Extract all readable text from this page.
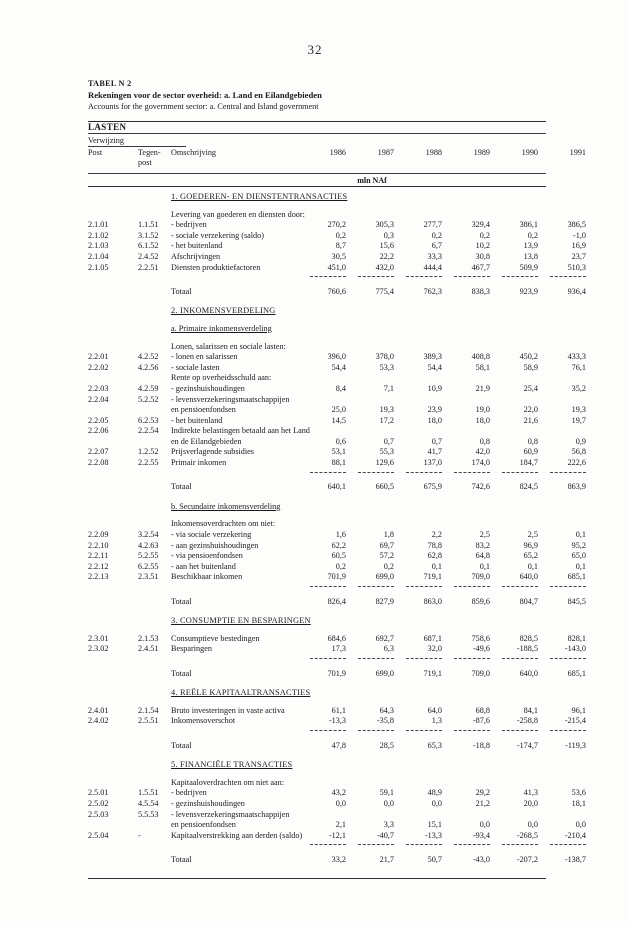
32
TABEL N 2
Rekeningen voor de sector overheid: a. Land en Eilandgebieden
Accounts for the government sector: a. Central and Island government
LASTEN
Verwijzing
Post	Tegen-
post
Omschrijving	1986	1987	1988	1989	1990	1991
mln NAf

		1. GOEDEREN- EN DIENSTENTRANSACTIES											

		Levering van goederen en diensten door:											
2.1.01	1.1.51	- bedrijven	270,2		305,3		277,7		329,4		386,1		386,5
2.1.02	3.1.52	- sociale verzekering (saldo)	0,2		0,3		0,2		0,2		0,2		-1,0
2.1.03	6.1.52	- het buitenland	8,7		15,6		6,7		10,2		13,9		16,9
2.1.04	2.4.52	Afschrijvingen	30,5		22,2		33,3		30,8		13,8		23,7
2.1.05	2.2.51	Diensten produktiefactoren	451,0		432,0		444,4		467,7		509,9		510,3

		Totaal	760,6		775,4		762,3		838,3		923,9		936,4

		2. INKOMENSVERDELING											

		a. Primaire inkomensverdeling											

		Lonen, salarissen en sociale lasten:											
2.2.01	4.2.52	- lonen en salarissen	396,0		378,0		389,3		408,8		450,2		433,3
2.2.02	4.2.56	- sociale lasten	54,4		53,3		54,4		58,1		58,9		76,1
		Rente op overheidsschuld aan:											
2.2.03	4.2.59	- gezinshuishoudingen	8,4		7,1		10,9		21,9		25,4		35,2
2.2.04	5.2.52	- levensverzekeringsmaatschappijen											
		en pensioenfondsen	25,0		19,3		23,9		19,0		22,0		19,3
2.2.05	6.2.53	- het buitenland	14,5		17,2		18,0		18,0		21,6		19,7
2.2.06	2.2.54	Indirekte belastingen betaald aan het Land											
		en de Eilandgebieden	0,6		0,7		0,7		0,8		0,8		0,9
2.2.07	1.2.52	Prijsverlagende subsidies	53,1		55,3		41,7		42,0		60,9		56,8
2.2.08	2.2.55	Primair inkomen	88,1		129,6		137,0		174,0		184,7		222,6

		Totaal	640,1		660,5		675,9		742,6		824,5		863,9

		b. Secundaire inkomensverdeling											

		Inkomensoverdrachten om niet:											
2.2.09	3.2.54	- via sociale verzekering	1,6		1,8		2,2		2,5		2,5		0,1
2.2.10	4.2.63	- aan gezinshuishoudingen	62,2		69,7		78,8		83,2		96,9		95,2
2.2.11	5.2.55	- via pensioenfondsen	60,5		57,2		62,8		64,8		65,2		65,0
2.2.12	6.2.55	- aan het buitenland	0,2		0,2		0,1		0,1		0,1		0,1
2.2.13	2.3.51	Beschikbaar inkomen	701,9		699,0		719,1		709,0		640,0		685,1

		Totaal	826,4		827,9		863,0		859,6		804,7		845,5

		3. CONSUMPTIE EN BESPARINGEN											

2.3.01	2.1.53	Consumptieve bestedingen	684,6		692,7		687,1		758,6		828,5		828,1
2.3.02	2.4.51	Besparingen	17,3		6,3		32,0		-49,6		-188,5		-143,0

		Totaal	701,9		699,0		719,1		709,0		640,0		685,1

		4. REËLE KAPITAALTRANSACTIES											

2.4.01	2.1.54	Bruto investeringen in vaste activa	61,1		64,3		64,0		68,8		84,1		96,1
2.4.02	2.5.51	Inkomensoverschot	-13,3		-35,8		1,3		-87,6		-258,8		-215,4

		Totaal	47,8		28,5		65,3		-18,8		-174,7		-119,3

		5. FINANCIËLE TRANSACTIES											

		Kapitaaloverdrachten om niet aan:											
2.5.01	1.5.51	- bedrijven	43,2		59,1		48,9		29,2		41,3		53,6
2.5.02	4.5.54	- gezinshuishoudingen	0,0		0,0		0,0		21,2		20,0		18,1
2.5.03	5.5.53	- levensverzekeringsmaatschappijen											
		en pensioenfondsen	2,1		3,3		15,1		0,0		0,0		0,0
2.5.04	-	Kapitaalverstrekking aan derden (saldo)	-12,1		-40,7		-13,3		-93,4		-268,5		-210,4

		Totaal	33,2		21,7		50,7		-43,0		-207,2		-138,7
